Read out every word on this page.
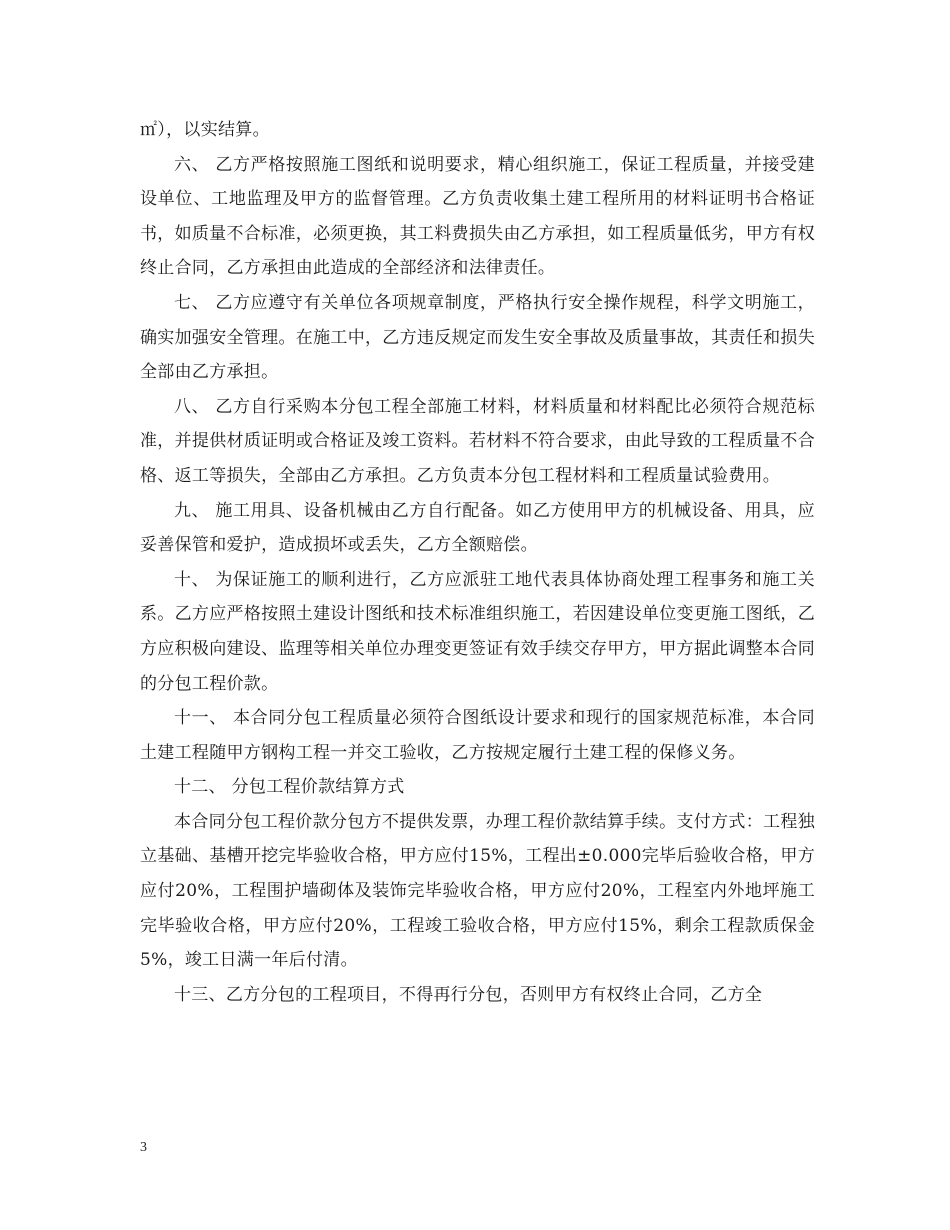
㎡），以实结算。

六、 乙方严格按照施工图纸和说明要求，精心组织施工，保证工程质量，并接受建设单位、工地监理及甲方的监督管理。乙方负责收集土建工程所用的材料证明书合格证书，如质量不合标准，必须更换，其工料费损失由乙方承担，如工程质量低劣，甲方有权终止合同，乙方承担由此造成的全部经济和法律责任。

七、 乙方应遵守有关单位各项规章制度，严格执行安全操作规程，科学文明施工，确实加强安全管理。在施工中，乙方违反规定而发生安全事故及质量事故，其责任和损失全部由乙方承担。

八、 乙方自行采购本分包工程全部施工材料，材料质量和材料配比必须符合规范标准，并提供材质证明或合格证及竣工资料。若材料不符合要求，由此导致的工程质量不合格、返工等损失，全部由乙方承担。乙方负责本分包工程材料和工程质量试验费用。

九、 施工用具、设备机械由乙方自行配备。如乙方使用甲方的机械设备、用具，应妥善保管和爱护，造成损坏或丢失，乙方全额赔偿。

十、 为保证施工的顺利进行，乙方应派驻工地代表具体协商处理工程事务和施工关系。乙方应严格按照土建设计图纸和技术标准组织施工，若因建设单位变更施工图纸，乙方应积极向建设、监理等相关单位办理变更签证有效手续交存甲方，甲方据此调整本合同的分包工程价款。

十一、 本合同分包工程质量必须符合图纸设计要求和现行的国家规范标准，本合同土建工程随甲方钢构工程一并交工验收，乙方按规定履行土建工程的保修义务。

十二、 分包工程价款结算方式

本合同分包工程价款分包方不提供发票，办理工程价款结算手续。支付方式：工程独立基础、基槽开挖完毕验收合格，甲方应付15%，工程出±0.000完毕后验收合格，甲方应付20%，工程围护墙砌体及装饰完毕验收合格，甲方应付20%，工程室内外地坪施工完毕验收合格，甲方应付20%，工程竣工验收合格，甲方应付15%，剩余工程款质保金5%，竣工日满一年后付清。

十三、乙方分包的工程项目，不得再行分包，否则甲方有权终止合同，乙方全

3
